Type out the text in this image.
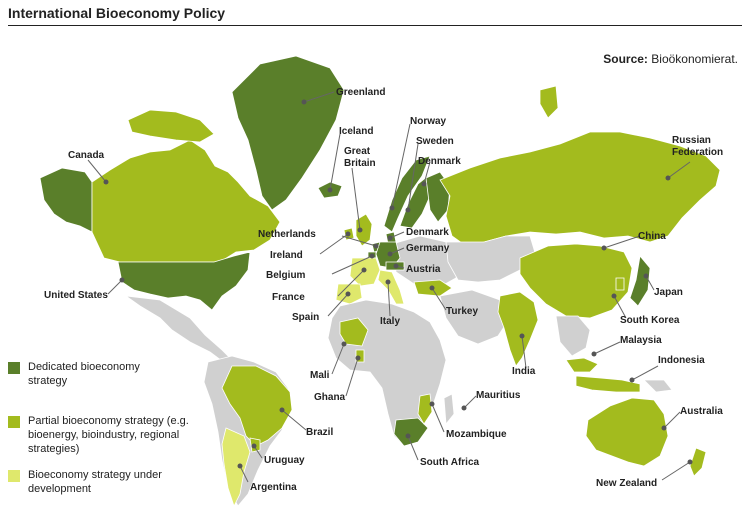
International Bioeconomy Policy
Source: Bioökonomierat.
Greenland
Iceland
Norway
Sweden
Denmark
Great Britain
Canada
Netherlands	Denmark
Germany
Ireland
Austria
Belgium
France
Spain	Italy
Turkey
Russian Federation
China
Japan
South Korea
United States
Malaysia
Indonesia
India
Mali
Ghana	Mauritius
Brazil	Mozambique
Australia
Uruguay	South Africa
Argentina	New Zealand
Dedicated bioeconomy strategy
Partial bioeconomy strategy (e.g. bioenergy, bioindustry, regional strategies)
Bioeconomy strategy under development
